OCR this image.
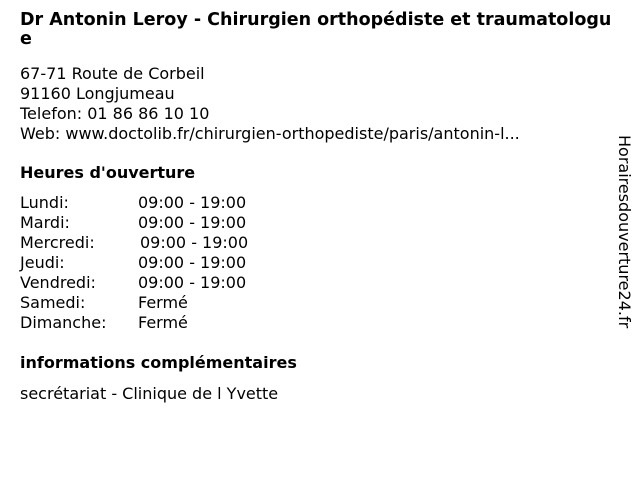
Dr Antonin Leroy - Chirurgien orthopédiste et traumatologue
67-71 Route de Corbeil
91160 Longjumeau
Telefon: 01 86 86 10 10
Web: www.doctolib.fr/chirurgien-orthopediste/paris/antonin-l...
Heures d'ouverture
Lundi:	09:00 - 19:00
Mardi:	09:00 - 19:00
Mercredi:	09:00 - 19:00
Jeudi:	09:00 - 19:00
Vendredi:	09:00 - 19:00
Samedi:	Fermé
Dimanche: Fermé
informations complémentaires
secrétariat - Clinique de l Yvette
Horairesdouverture24.fr
